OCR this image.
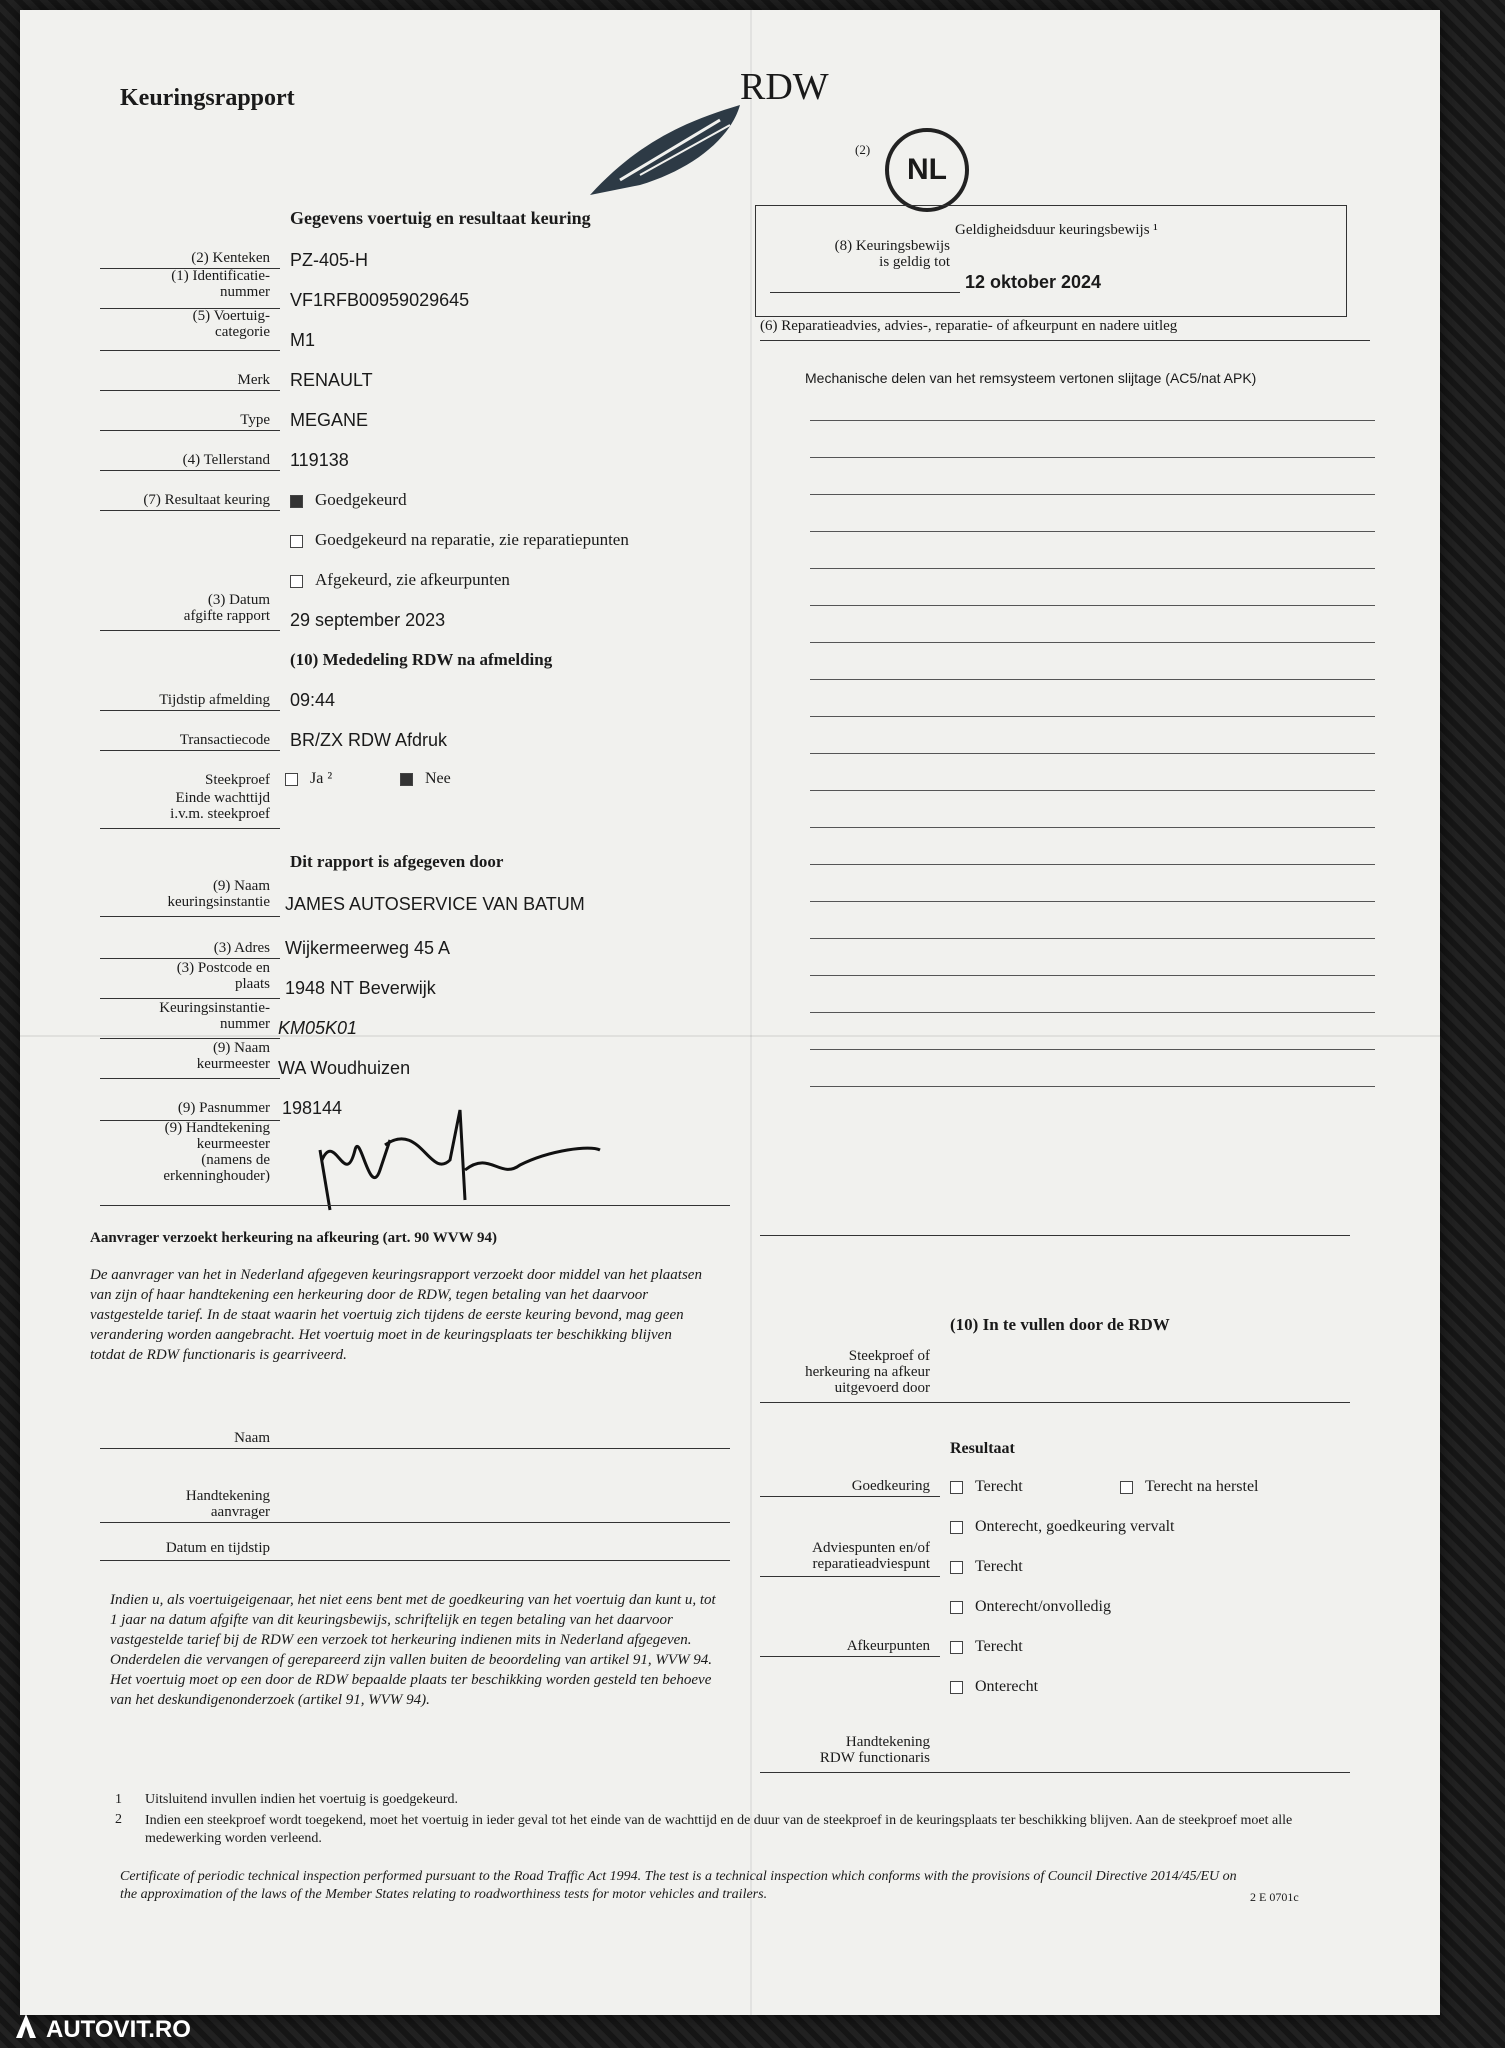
Keuringsrapport	RDW
(2)
NL
Gegevens voertuig en resultaat keuring
(2) Kenteken PZ-405-H
(1) Identificatie-
nummer VF1RFB00959029645
(5) Voertuig-
categorie M1
Merk RENAULT
Type MEGANE
(4) Tellerstand 119138
(7) Resultaat keuring	Goedgekeurd
Goedgekeurd na reparatie, zie reparatiepunten
Afgekeurd, zie afkeurpunten
(3) Datum
afgifte rapport 29 september 2023
(10) Mededeling RDW na afmelding
Tijdstip afmelding 09:44
Transactiecode BR/ZX RDW Afdruk
Steekproef	Ja ²	Nee
Einde wachttijd
i.v.m. steekproef
Dit rapport is afgegeven door
(9) Naam
keuringsinstantie JAMES AUTOSERVICE VAN BATUM
(3) Adres Wijkermeerweg 45 A
(3) Postcode en
plaats 1948 NT Beverwijk
Keuringsinstantie-
nummer KM05K01
(9) Naam
keurmeester WA Woudhuizen
(9) Pasnummer 198144
(9) Handtekening
keurmeester
(namens de
erkenninghouder)
Geldigheidsduur keuringsbewijs ¹
(8) Keuringsbewijs
is geldig tot
12 oktober 2024
(6) Reparatieadvies, advies-, reparatie- of afkeurpunt en nadere uitleg
Mechanische delen van het remsysteem vertonen slijtage (AC5/nat APK)
Aanvrager verzoekt herkeuring na afkeuring (art. 90 WVW 94)
De aanvrager van het in Nederland afgegeven keuringsrapport verzoekt door middel van het plaatsen van zijn of haar handtekening een herkeuring door de RDW, tegen betaling van het daarvoor vastgestelde tarief. In de staat waarin het voertuig zich tijdens de eerste keuring bevond, mag geen verandering worden aangebracht. Het voertuig moet in de keuringsplaats ter beschikking blijven totdat de RDW functionaris is gearriveerd.
Naam
Handtekening
aanvrager
Datum en tijdstip
Indien u, als voertuigeigenaar, het niet eens bent met de goedkeuring van het voertuig dan kunt u, tot 1 jaar na datum afgifte van dit keuringsbewijs, schriftelijk en tegen betaling van het daarvoor vastgestelde tarief bij de RDW een verzoek tot herkeuring indienen mits in Nederland afgegeven. Onderdelen die vervangen of gerepareerd zijn vallen buiten de beoordeling van artikel 91, WVW 94. Het voertuig moet op een door de RDW bepaalde plaats ter beschikking worden gesteld ten behoeve van het deskundigenonderzoek (artikel 91, WVW 94).
(10) In te vullen door de RDW
Steekproef of
herkeuring na afkeur
uitgevoerd door
Resultaat
Goedkeuring	Terecht	Terecht na herstel
Onterecht, goedkeuring vervalt
Adviespunten en/of
reparatieadviespunt	Terecht
Onterecht/onvolledig
Afkeurpunten	Terecht
Onterecht
Handtekening
RDW functionaris
1 Uitsluitend invullen indien het voertuig is goedgekeurd.
2 Indien een steekproef wordt toegekend, moet het voertuig in ieder geval tot het einde van de wachttijd en de duur van de steekproef in de keuringsplaats ter beschikking blijven. Aan de steekproef moet alle medewerking worden verleend.
Certificate of periodic technical inspection performed pursuant to the Road Traffic Act 1994. The test is a technical inspection which conforms with the provisions of Council Directive 2014/45/EU on the approximation of the laws of the Member States relating to roadworthiness tests for motor vehicles and trailers.	2 E 0701c
AUTOVIT.RO
